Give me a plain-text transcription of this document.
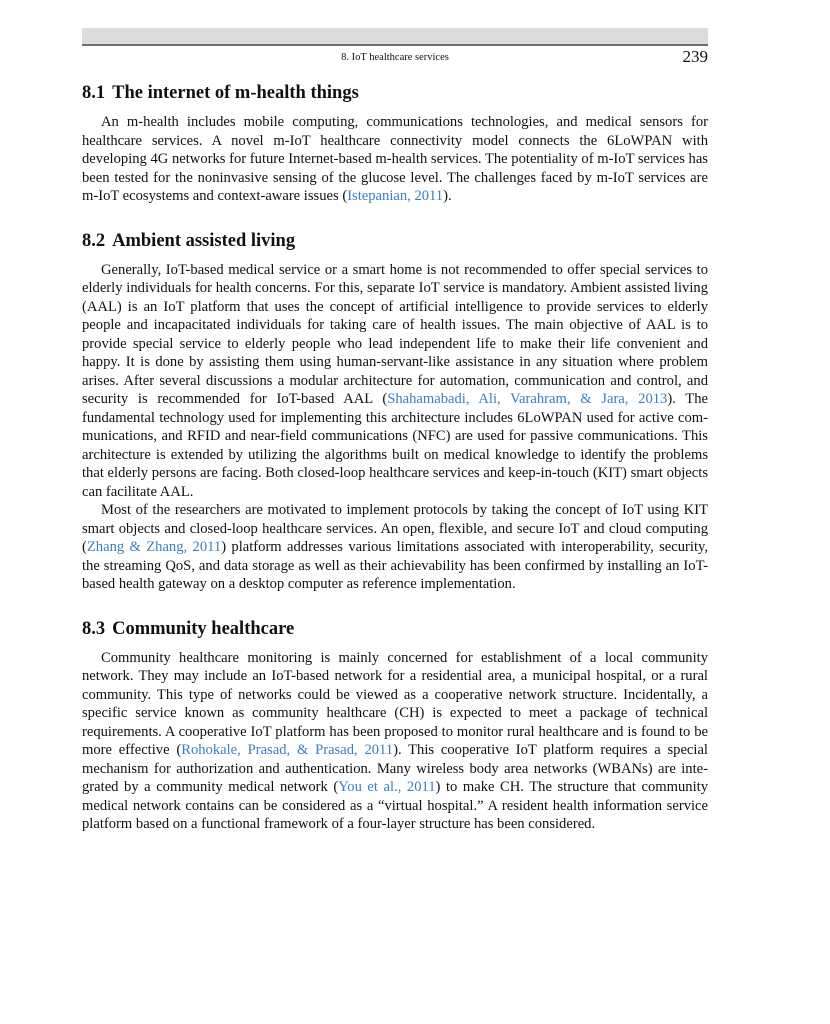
8. IoT healthcare services	239
8.1 The internet of m-health things

An m-health includes mobile computing, communications technologies, and medical sensors for healthcare services. A novel m-IoT healthcare connectivity model connects the 6LoWPAN with developing 4G networks for future Internet-based m-health services. The potentiality of m-IoT services has been tested for the noninvasive sensing of the glucose level. The challenges faced by m-IoT services are m-IoT ecosystems and context-aware issues (Istepanian, 2011).

8.2 Ambient assisted living

Generally, IoT-based medical service or a smart home is not recommended to offer special services to elderly individuals for health concerns. For this, separate IoT service is mandatory. Ambient assisted living (AAL) is an IoT platform that uses the concept of artificial intelligence to provide services to elderly people and incapacitated individuals for taking care of health issues. The main objective of AAL is to provide special service to elderly people who lead independent life to make their life convenient and happy. It is done by assisting them using human-servant-like assistance in any situation where problem arises. After several discussions a modular architecture for automation, communication and control, and security is recommended for IoT-based AAL (Shahamabadi, Ali, Varahram, & Jara, 2013). The fundamental technology used for implementing this architecture includes 6LoWPAN used for active communications, and RFID and near-field communications (NFC) are used for passive communications. This architecture is extended by utilizing the algorithms built on medical knowledge to identify the problems that elderly persons are facing. Both closed-loop healthcare services and keep-in-touch (KIT) smart objects can facilitate AAL.

Most of the researchers are motivated to implement protocols by taking the concept of IoT using KIT smart objects and closed-loop healthcare services. An open, flexible, and secure IoT and cloud computing (Zhang & Zhang, 2011) platform addresses various limitations associated with interoperability, security, the streaming QoS, and data storage as well as their achievability has been confirmed by installing an IoT-based health gateway on a desktop computer as reference implementation.

8.3 Community healthcare

Community healthcare monitoring is mainly concerned for establishment of a local community network. They may include an IoT-based network for a residential area, a municipal hospital, or a rural community. This type of networks could be viewed as a cooperative network structure. Incidentally, a specific service known as community healthcare (CH) is expected to meet a package of technical requirements. A cooperative IoT platform has been proposed to monitor rural healthcare and is found to be more effective (Rohokale, Prasad, & Prasad, 2011). This cooperative IoT platform requires a special mechanism for authorization and authentication. Many wireless body area networks (WBANs) are integrated by a community medical network (You et al., 2011) to make CH. The structure that community medical network contains can be considered as a “virtual hospital.” A resident health information service platform based on a functional framework of a four-layer structure has been considered.
